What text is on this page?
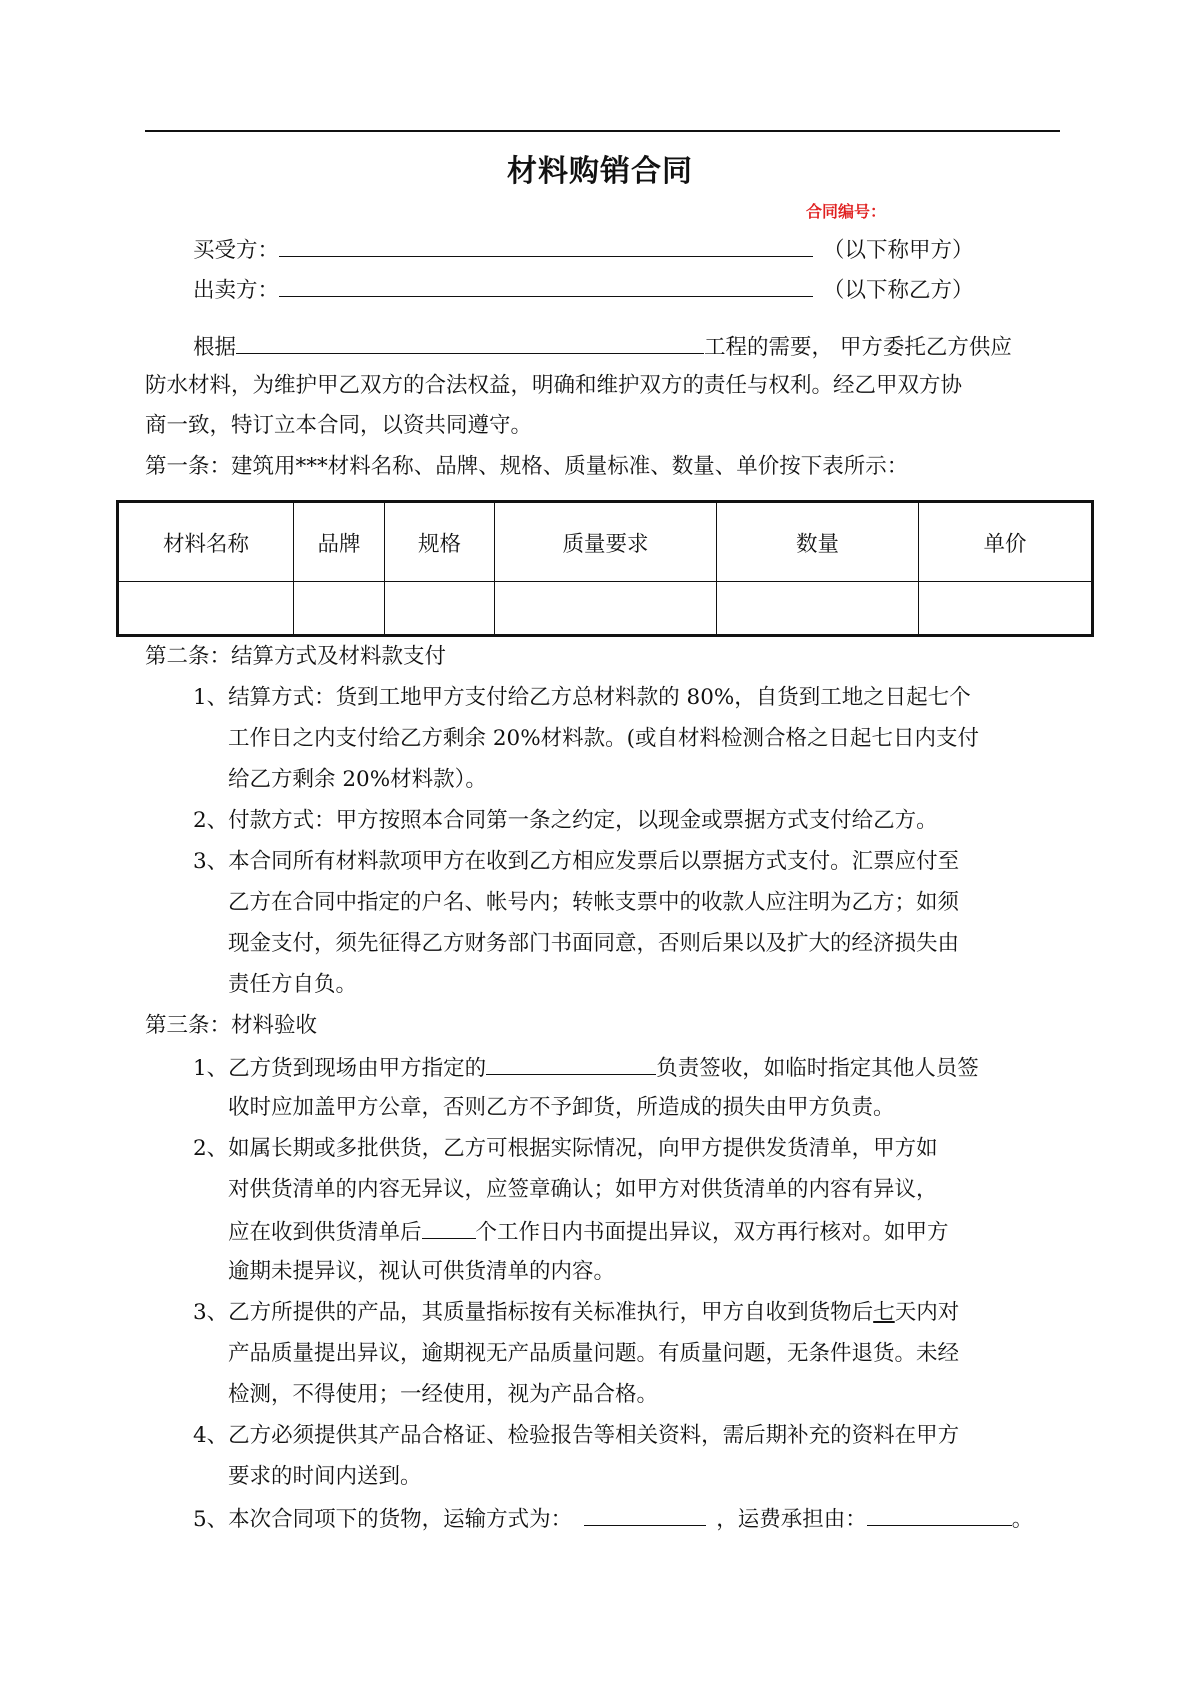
材料购销合同
合同编号：
买受方：	（以下称甲方）
出卖方：	（以下称乙方）
根据	工程的需要， 甲方委托乙方供应
防水材料，为维护甲乙双方的合法权益，明确和维护双方的责任与权利。经乙甲双方协
商一致，特订立本合同，以资共同遵守。
第一条：建筑用***材料名称、品牌、规格、质量标准、数量、单价按下表所示：
材料名称	品牌	规格	质量要求	数量	单价

第二条：结算方式及材料款支付
1、结算方式：货到工地甲方支付给乙方总材料款的 80%，自货到工地之日起七个
工作日之内支付给乙方剩余 20%材料款。(或自材料检测合格之日起七日内支付
给乙方剩余 20%材料款）。
2、付款方式：甲方按照本合同第一条之约定，以现金或票据方式支付给乙方。
3、本合同所有材料款项甲方在收到乙方相应发票后以票据方式支付。汇票应付至
乙方在合同中指定的户名、帐号内；转帐支票中的收款人应注明为乙方；如须
现金支付，须先征得乙方财务部门书面同意，否则后果以及扩大的经济损失由
责任方自负。
第三条：材料验收
1、乙方货到现场由甲方指定的	负责签收，如临时指定其他人员签
收时应加盖甲方公章，否则乙方不予卸货，所造成的损失由甲方负责。
2、如属长期或多批供货，乙方可根据实际情况，向甲方提供发货清单，甲方如
对供货清单的内容无异议，应签章确认；如甲方对供货清单的内容有异议，
应在收到供货清单后	个工作日内书面提出异议，双方再行核对。如甲方
逾期未提异议，视认可供货清单的内容。
3、乙方所提供的产品，其质量指标按有关标准执行，甲方自收到货物后七天内对
产品质量提出异议，逾期视无产品质量问题。有质量问题，无条件退货。未经
检测，不得使用；一经使用，视为产品合格。
4、乙方必须提供其产品合格证、检验报告等相关资料，需后期补充的资料在甲方
要求的时间内送到。
5、本次合同项下的货物，运输方式为：	，运费承担由：	。
